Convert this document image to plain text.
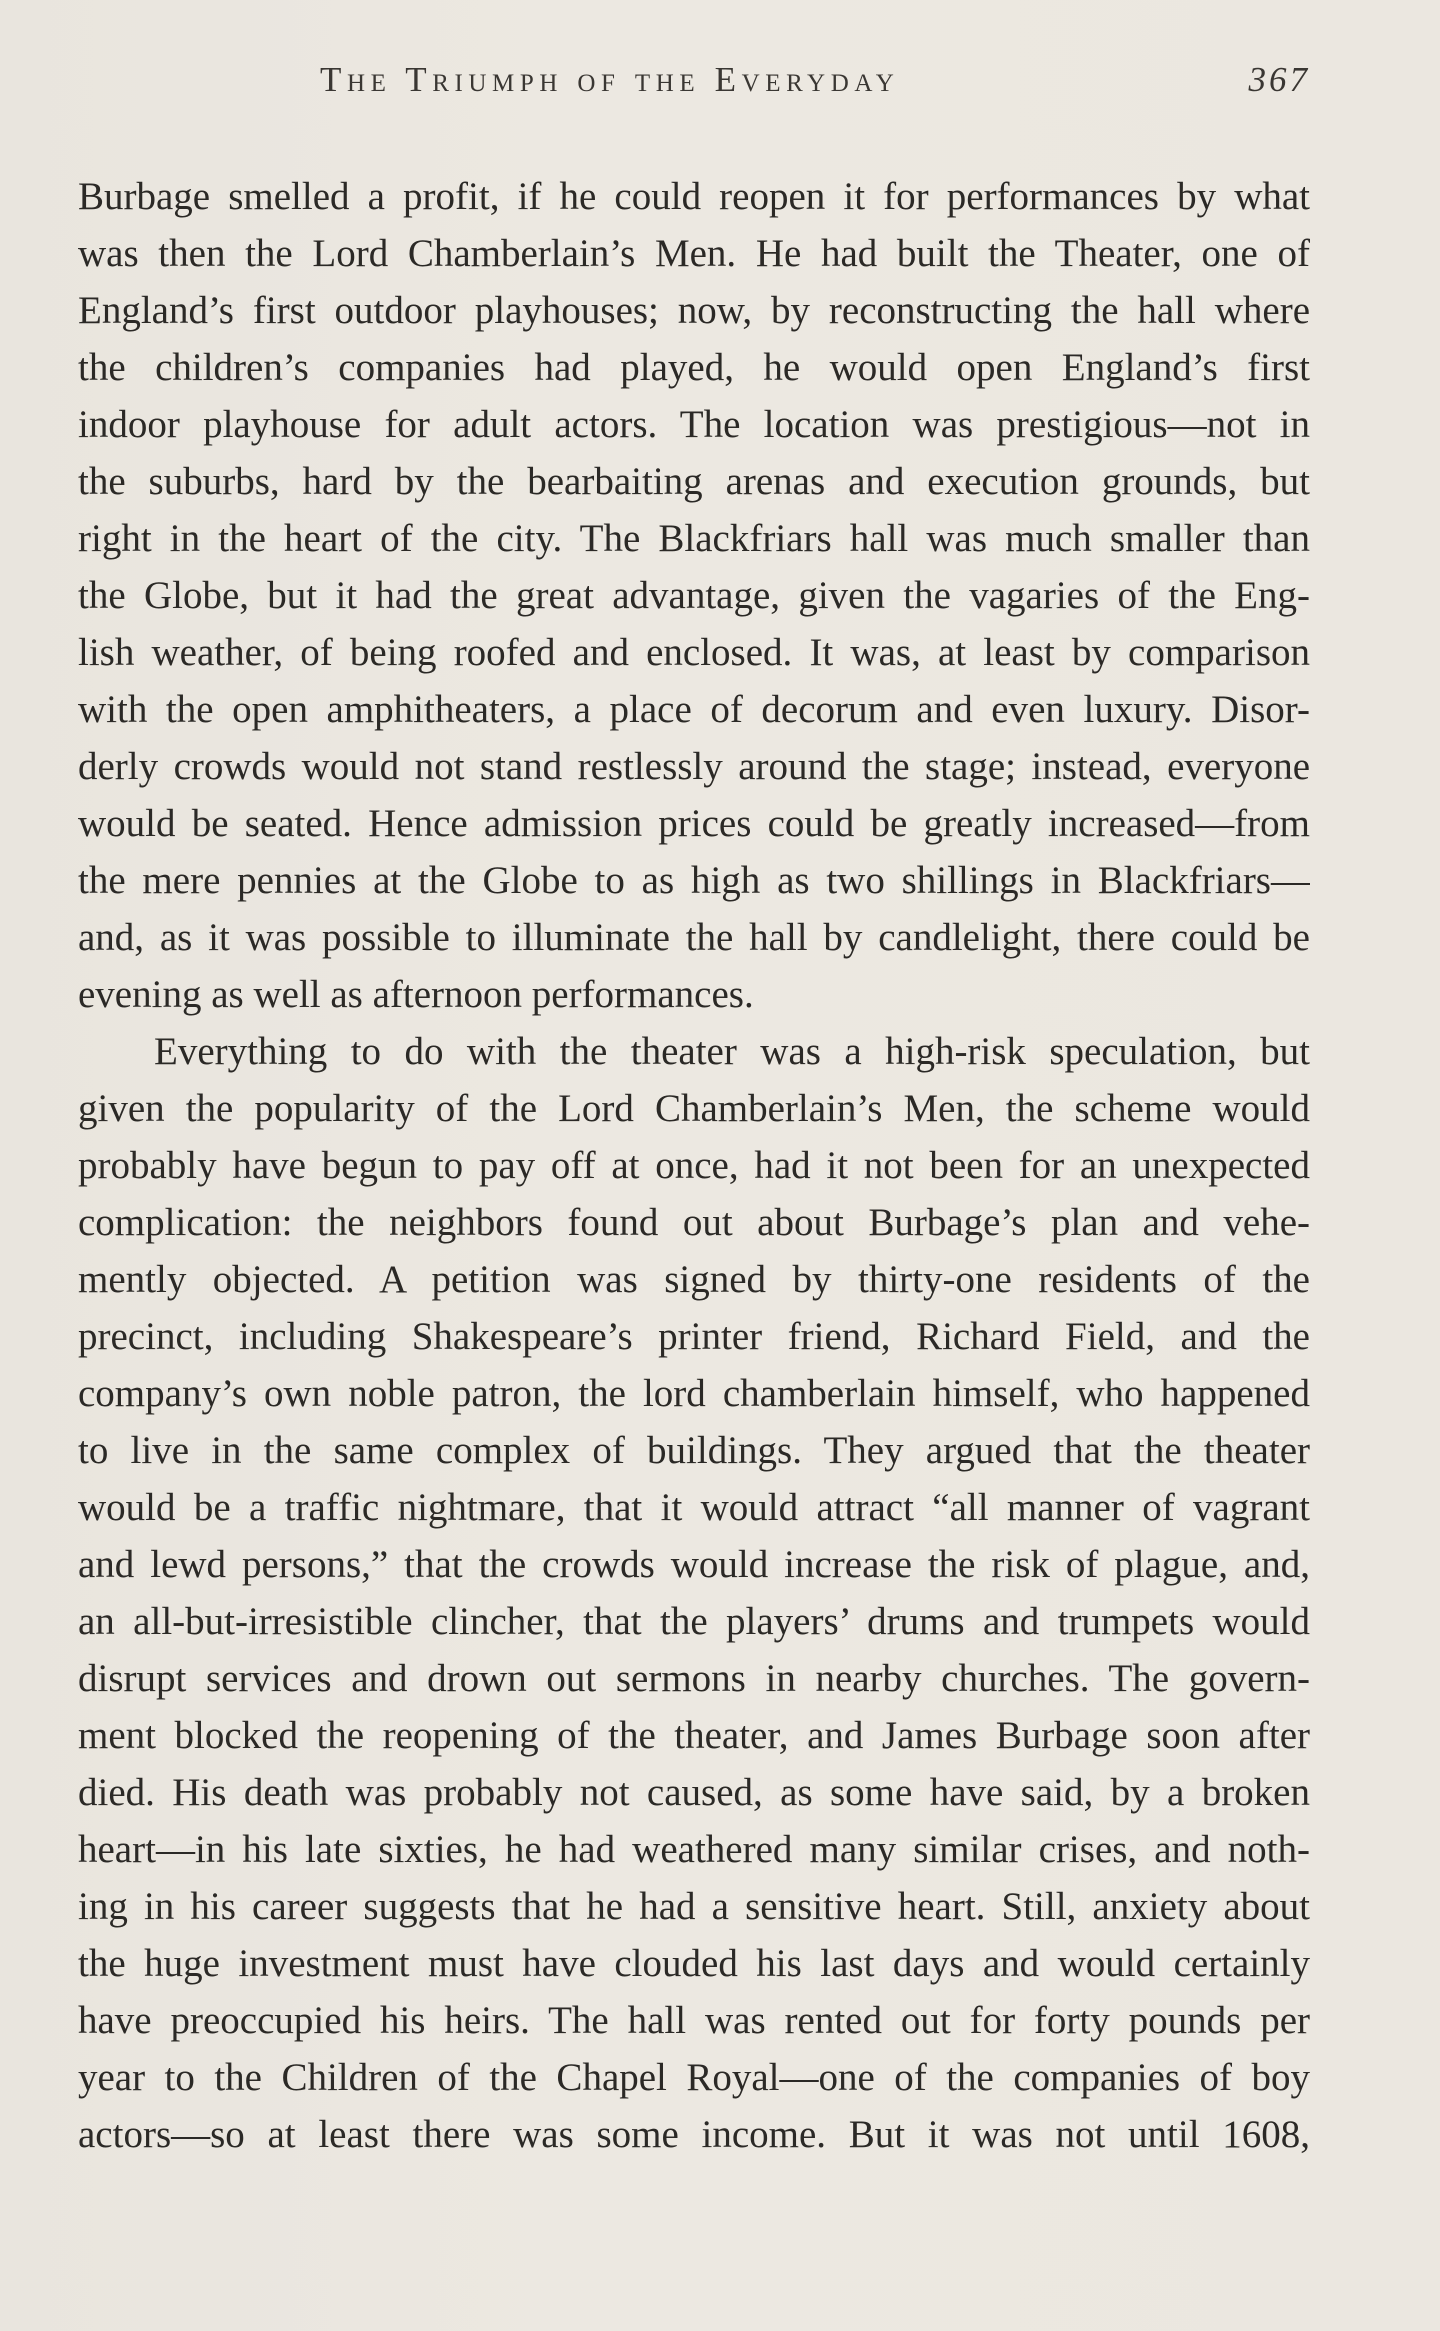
The Triumph of the Everyday	367
Burbage smelled a profit, if he could reopen it for performances by what
was then the Lord Chamberlain’s Men. He had built the Theater, one of
England’s first outdoor playhouses; now, by reconstructing the hall where
the children’s companies had played, he would open England’s first
indoor playhouse for adult actors. The location was prestigious—not in
the suburbs, hard by the bearbaiting arenas and execution grounds, but
right in the heart of the city. The Blackfriars hall was much smaller than
the Globe, but it had the great advantage, given the vagaries of the Eng-
lish weather, of being roofed and enclosed. It was, at least by comparison
with the open amphitheaters, a place of decorum and even luxury. Disor-
derly crowds would not stand restlessly around the stage; instead, everyone
would be seated. Hence admission prices could be greatly increased—from
the mere pennies at the Globe to as high as two shillings in Blackfriars—
and, as it was possible to illuminate the hall by candlelight, there could be
evening as well as afternoon performances.
Everything to do with the theater was a high-risk speculation, but
given the popularity of the Lord Chamberlain’s Men, the scheme would
probably have begun to pay off at once, had it not been for an unexpected
complication: the neighbors found out about Burbage’s plan and vehe-
mently objected. A petition was signed by thirty-one residents of the
precinct, including Shakespeare’s printer friend, Richard Field, and the
company’s own noble patron, the lord chamberlain himself, who happened
to live in the same complex of buildings. They argued that the theater
would be a traffic nightmare, that it would attract “all manner of vagrant
and lewd persons,” that the crowds would increase the risk of plague, and,
an all-but-irresistible clincher, that the players’ drums and trumpets would
disrupt services and drown out sermons in nearby churches. The govern-
ment blocked the reopening of the theater, and James Burbage soon after
died. His death was probably not caused, as some have said, by a broken
heart—in his late sixties, he had weathered many similar crises, and noth-
ing in his career suggests that he had a sensitive heart. Still, anxiety about
the huge investment must have clouded his last days and would certainly
have preoccupied his heirs. The hall was rented out for forty pounds per
year to the Children of the Chapel Royal—one of the companies of boy
actors—so at least there was some income. But it was not until 1608,
